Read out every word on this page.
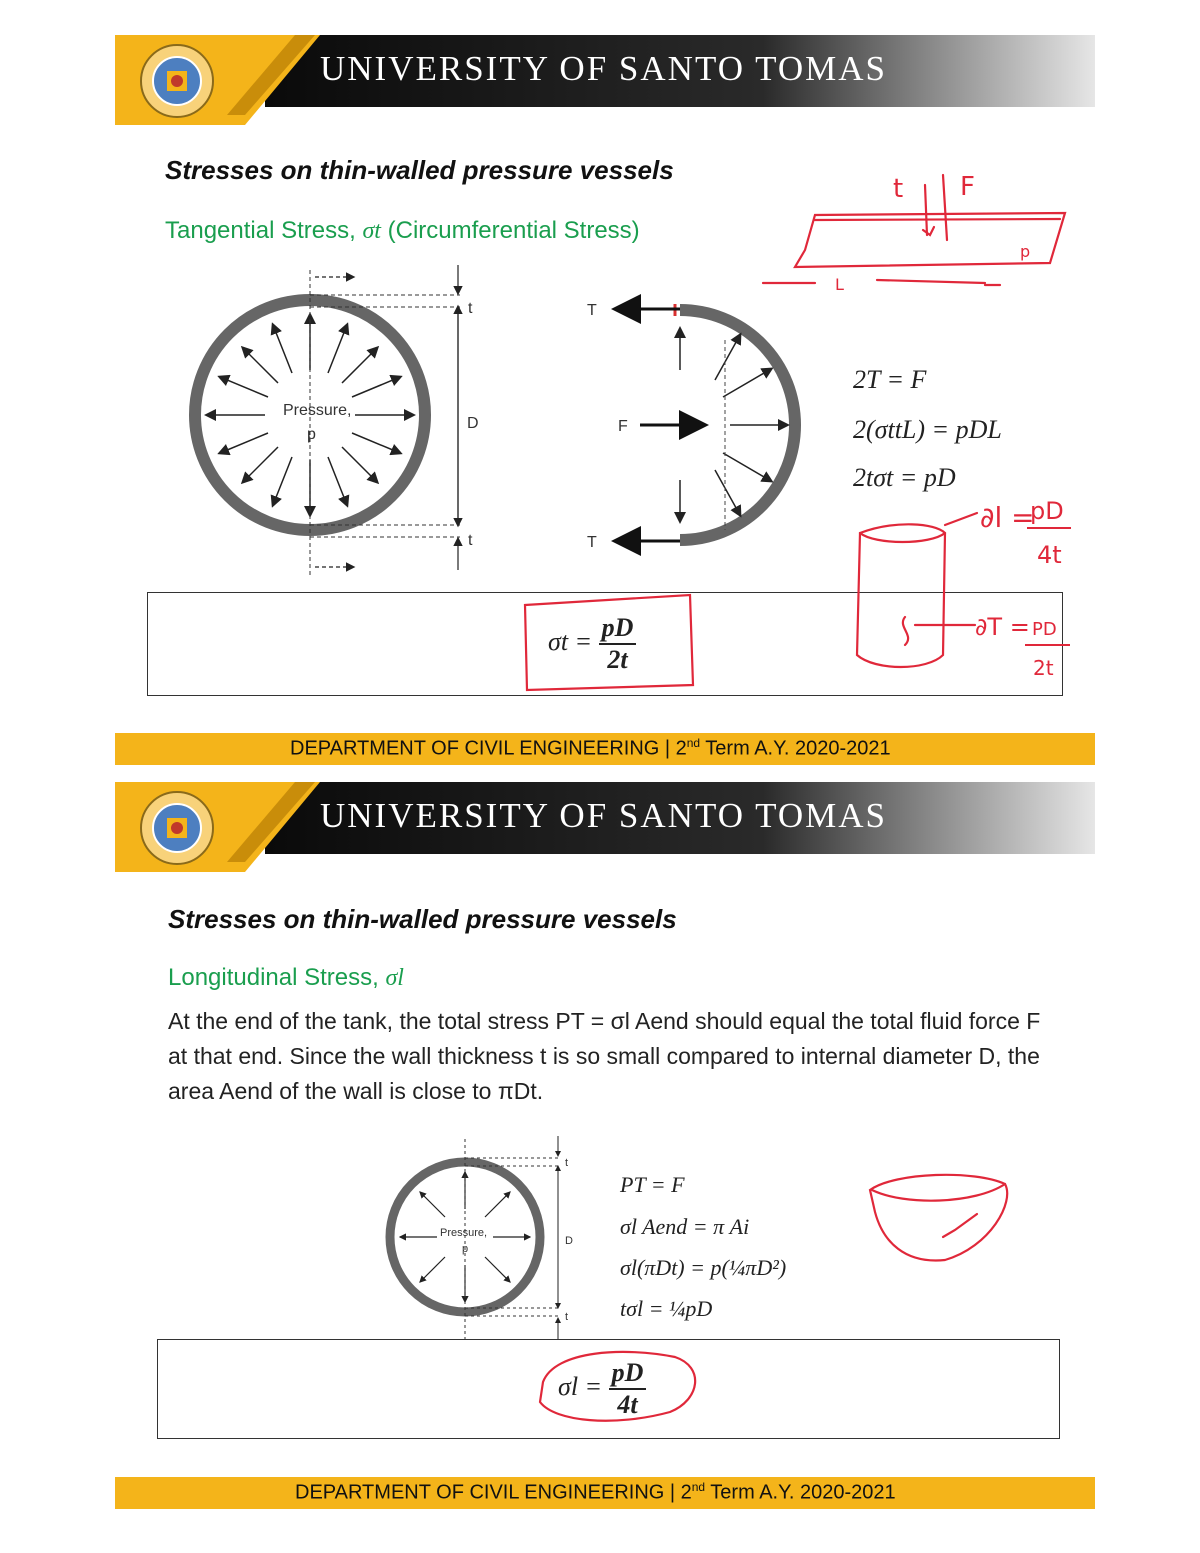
UNIVERSITY OF SANTO TOMAS
Stresses on thin-walled pressure vessels
Tangential Stress, σt (Circumferential Stress)
Pressure,
p
t
t
D
T
T
F
2T = F
2(σttL) = pDL
2tσt = pD
$\sigma t = \frac{pD}{2t}$
t F
p
L
∂l =
pD
4t
∂T = PD
2t
DEPARTMENT OF CIVIL ENGINEERING | 2nd Term A.Y. 2020-2021
UNIVERSITY OF SANTO TOMAS
Stresses on thin-walled pressure vessels
Longitudinal Stress, σl
At the end of the tank, the total stress PT = σl Aend should equal the total fluid force F at that end. Since the wall thickness t is so small compared to internal diameter D, the area Aend of the wall is close to πDt.
Pressure,
p
t
t
D
PT = F
σl Aend = π Ai
σl(πDt) = p(¼πD²)
tσl = ¼pD
$\sigma l = \frac{pD}{4t}$
DEPARTMENT OF CIVIL ENGINEERING | 2nd Term A.Y. 2020-2021
